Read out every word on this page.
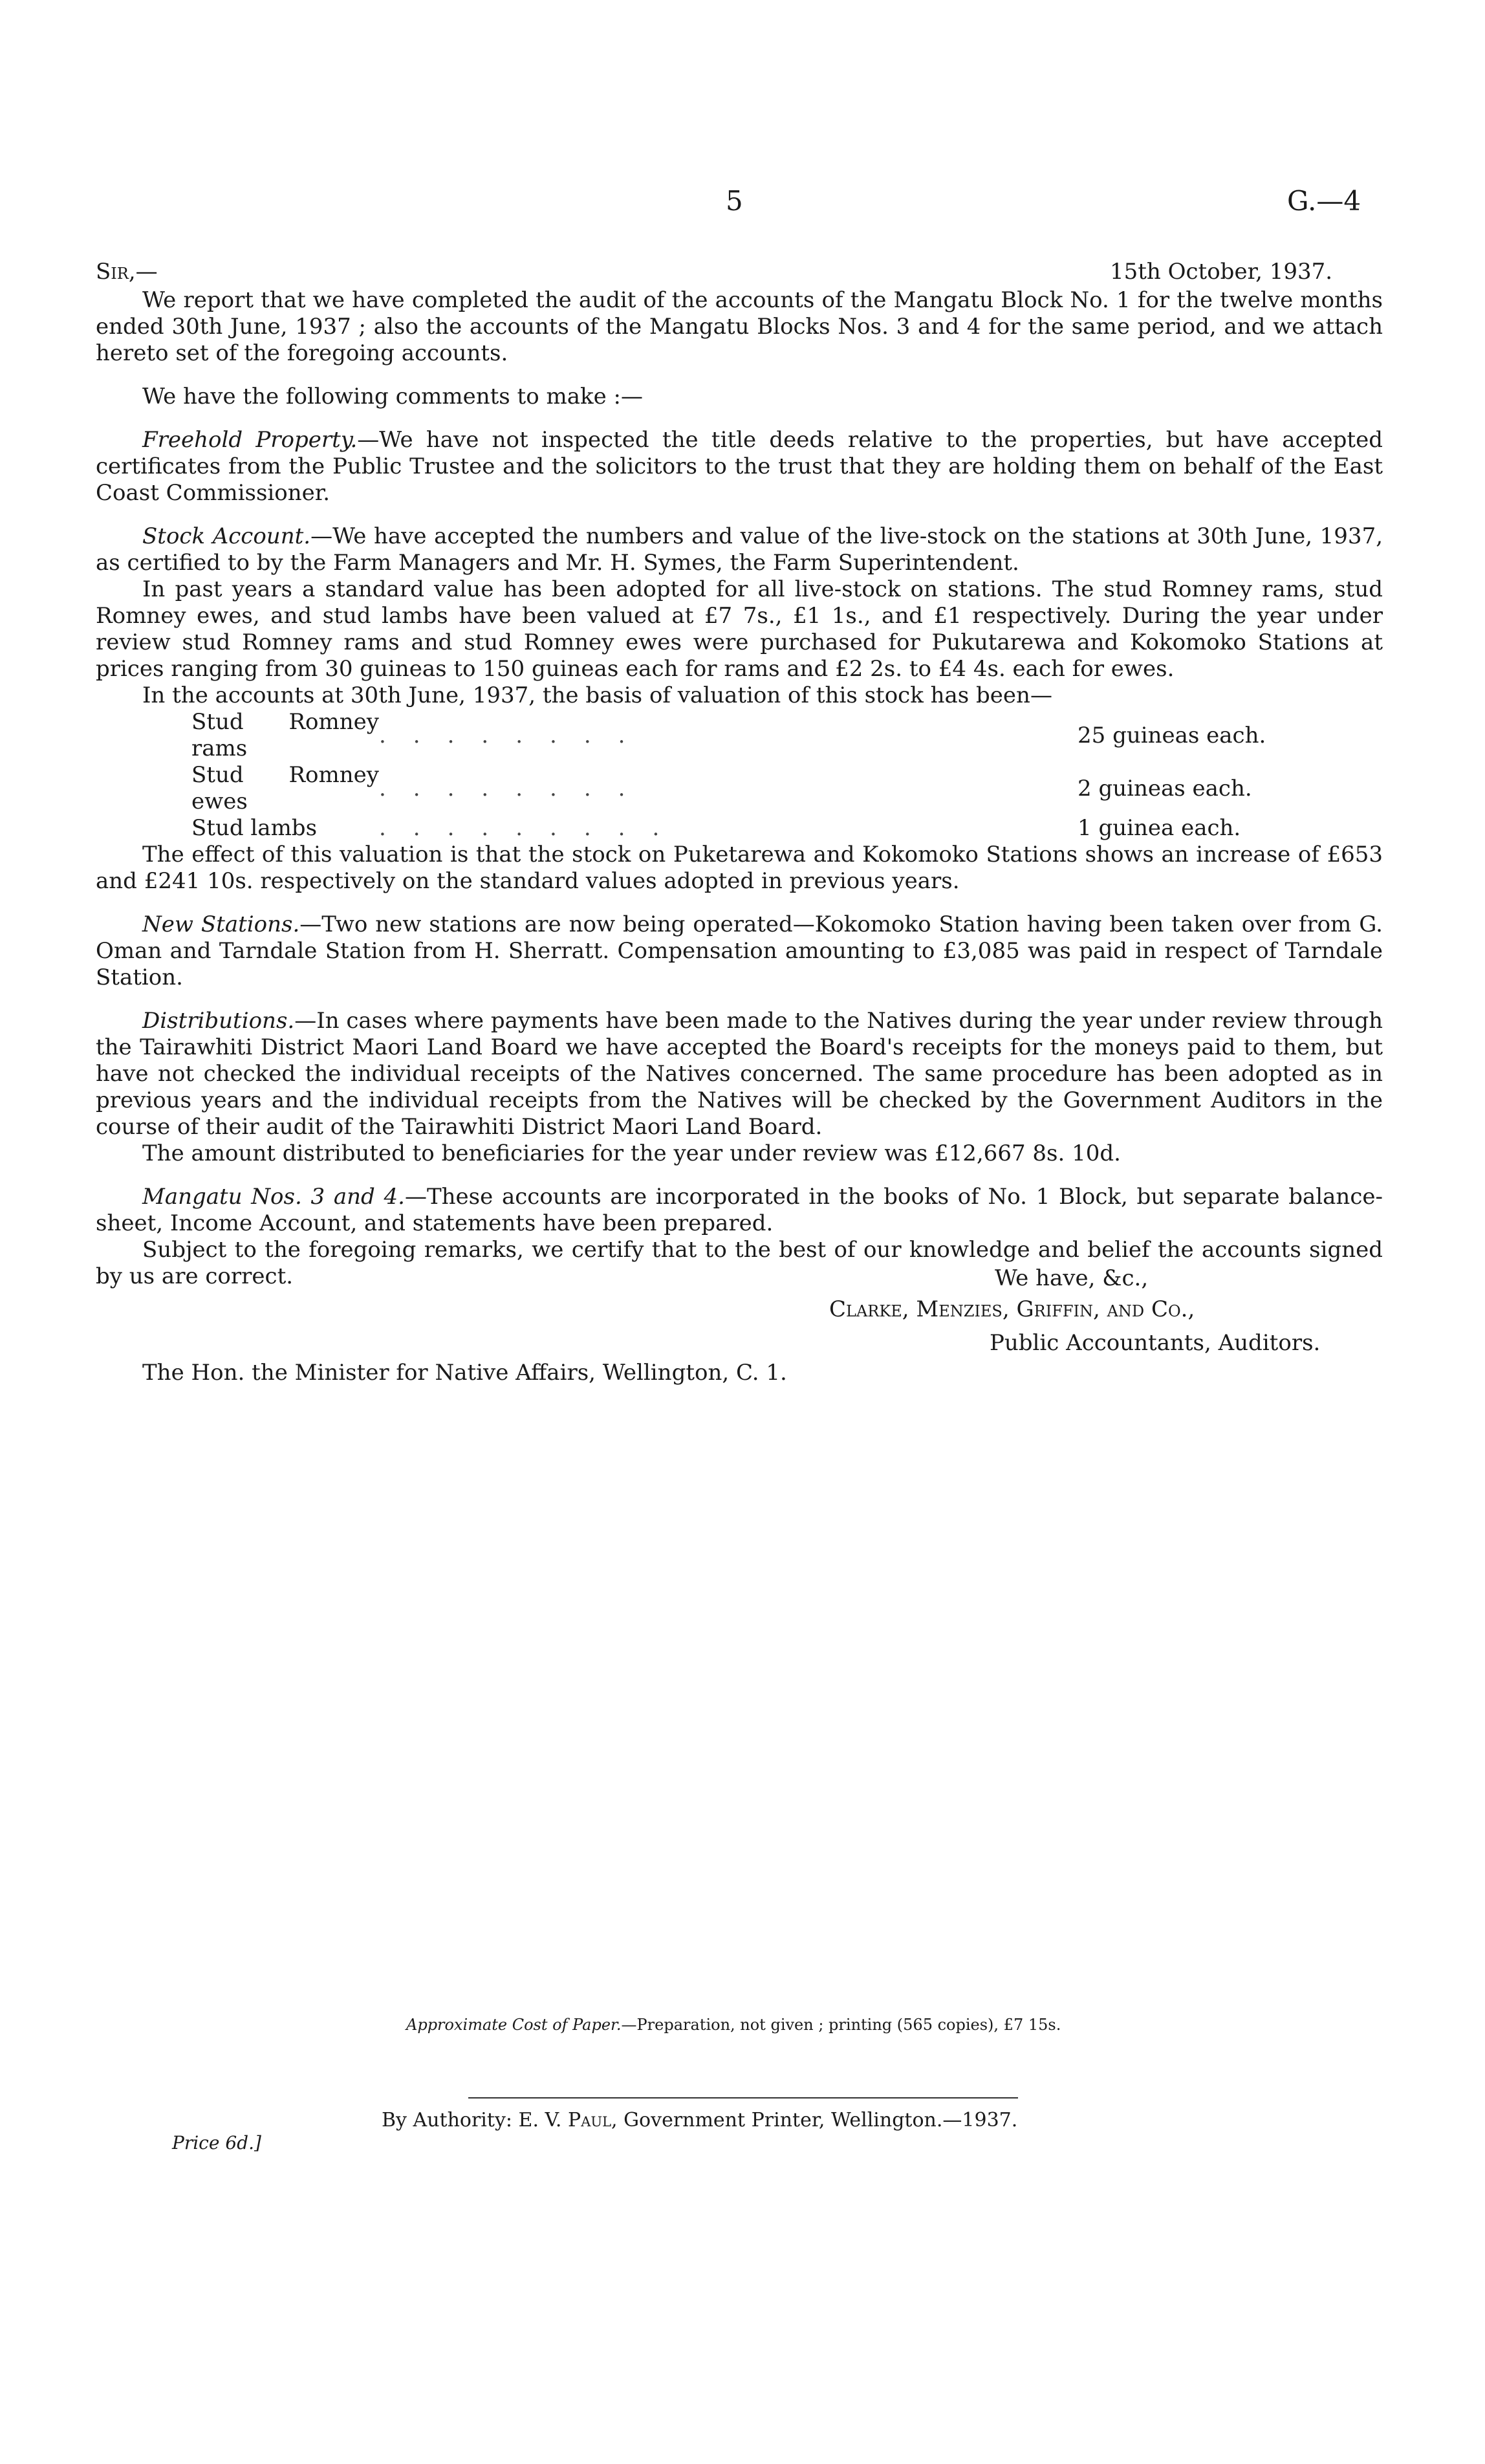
5	G.—4
Sir,—	15th October, 1937.

We report that we have completed the audit of the accounts of the Mangatu Block No. 1 for the twelve months ended 30th June, 1937 ; also the accounts of the Mangatu Blocks Nos. 3 and 4 for the same period, and we attach hereto set of the foregoing accounts.

We have the following comments to make :—

Freehold Property.—We have not inspected the title deeds relative to the properties, but have accepted certificates from the Public Trustee and the solicitors to the trust that they are holding them on behalf of the East Coast Commissioner.

Stock Account.—We have accepted the numbers and value of the live-stock on the stations at 30th June, 1937, as certified to by the Farm Managers and Mr. H. Symes, the Farm Superintendent.

In past years a standard value has been adopted for all live-stock on stations. The stud Romney rams, stud Romney ewes, and stud lambs have been valued at £7 7s., £1 1s., and £1 respectively. During the year under review stud Romney rams and stud Romney ewes were purchased for Pukutarewa and Kokomoko Stations at prices ranging from 30 guineas to 150 guineas each for rams and £2 2s. to £4 4s. each for ewes.

In the accounts at 30th June, 1937, the basis of valuation of this stock has been—

Stud Romney rams	........	25 guineas each.
Stud Romney ewes	........	2 guineas each.
Stud lambs	.........	1 guinea each.

The effect of this valuation is that the stock on Puketarewa and Kokomoko Stations shows an increase of £653 and £241 10s. respectively on the standard values adopted in previous years.

New Stations.—Two new stations are now being operated—Kokomoko Station having been taken over from G. Oman and Tarndale Station from H. Sherratt. Compensation amounting to £3,085 was paid in respect of Tarndale Station.

Distributions.—In cases where payments have been made to the Natives during the year under review through the Tairawhiti District Maori Land Board we have accepted the Board's receipts for the moneys paid to them, but have not checked the individual receipts of the Natives concerned. The same procedure has been adopted as in previous years and the individual receipts from the Natives will be checked by the Government Auditors in the course of their audit of the Tairawhiti District Maori Land Board.

The amount distributed to beneficiaries for the year under review was £12,667 8s. 10d.

Mangatu Nos. 3 and 4.—These accounts are incorporated in the books of No. 1 Block, but separate balance-sheet, Income Account, and statements have been prepared.

Subject to the foregoing remarks, we certify that to the best of our knowledge and belief the accounts signed by us are correct.	We have, &c.,
Clarke, Menzies, Griffin, and Co.,
Public Accountants, Auditors.
The Hon. the Minister for Native Affairs, Wellington, C. 1.
Approximate Cost of Paper.—Preparation, not given ; printing (565 copies), £7 15s.
By Authority: E. V. Paul, Government Printer, Wellington.—1937.
Price 6d.]
